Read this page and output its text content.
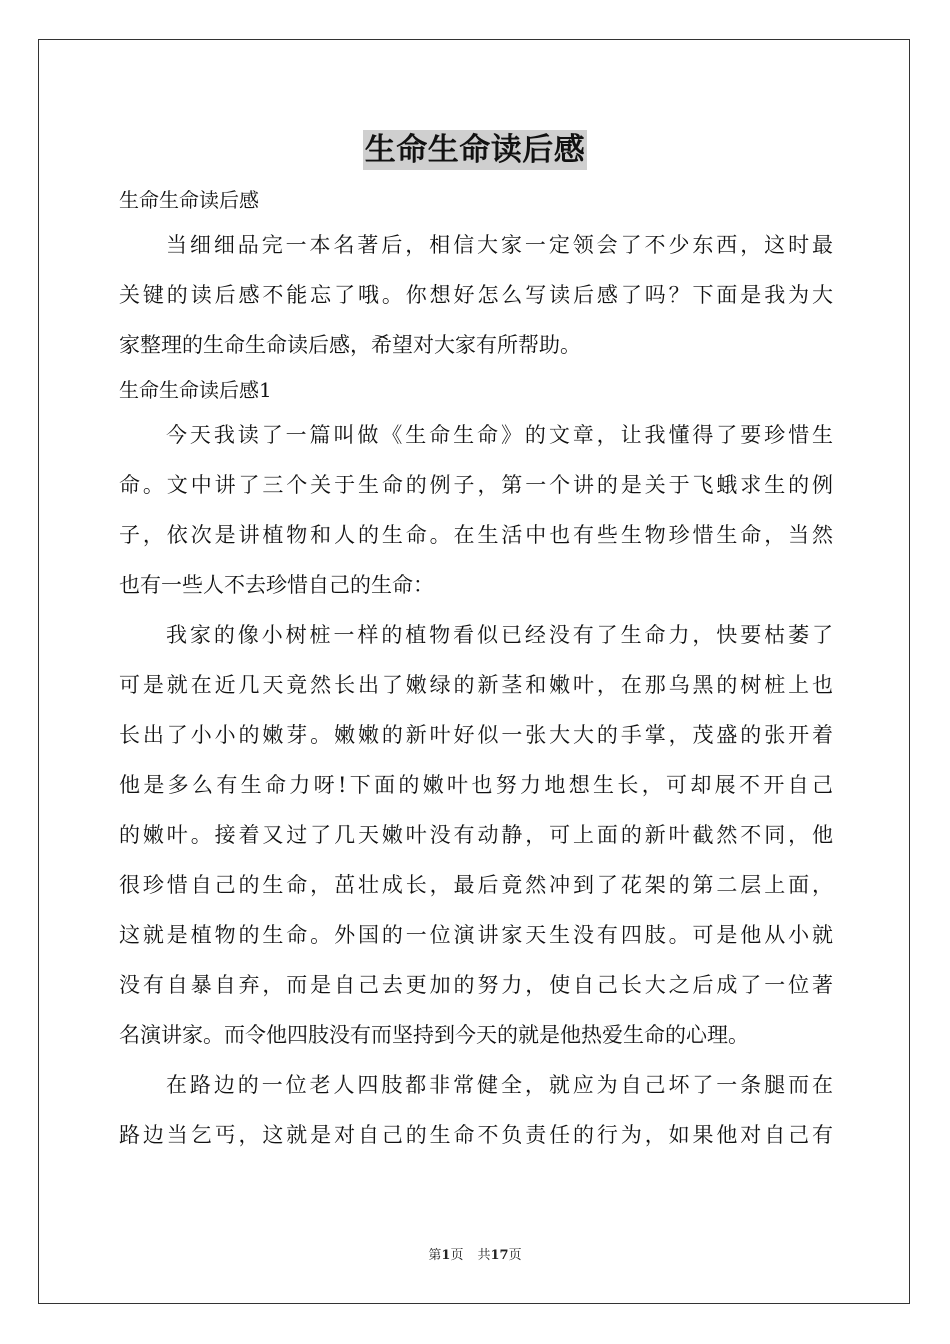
生命生命读后感
生命生命读后感
当细细品完一本名著后，相信大家一定领会了不少东西，这时最
关键的读后感不能忘了哦。你想好怎么写读后感了吗？下面是我为大
家整理的生命生命读后感，希望对大家有所帮助。
生命生命读后感1
今天我读了一篇叫做《生命生命》的文章，让我懂得了要珍惜生
命。文中讲了三个关于生命的例子，第一个讲的是关于飞蛾求生的例
子，依次是讲植物和人的生命。在生活中也有些生物珍惜生命，当然
也有一些人不去珍惜自己的生命：
我家的像小树桩一样的植物看似已经没有了生命力，快要枯萎了
可是就在近几天竟然长出了嫩绿的新茎和嫩叶，在那乌黑的树桩上也
长出了小小的嫩芽。嫩嫩的新叶好似一张大大的手掌，茂盛的张开着
他是多么有生命力呀!下面的嫩叶也努力地想生长，可却展不开自己
的嫩叶。接着又过了几天嫩叶没有动静，可上面的新叶截然不同，他
很珍惜自己的生命，茁壮成长，最后竟然冲到了花架的第二层上面，
这就是植物的生命。外国的一位演讲家天生没有四肢。可是他从小就
没有自暴自弃，而是自己去更加的努力，使自己长大之后成了一位著
名演讲家。而令他四肢没有而坚持到今天的就是他热爱生命的心理。
在路边的一位老人四肢都非常健全，就应为自己坏了一条腿而在
路边当乞丐，这就是对自己的生命不负责任的行为，如果他对自己有
第1页 共17页
